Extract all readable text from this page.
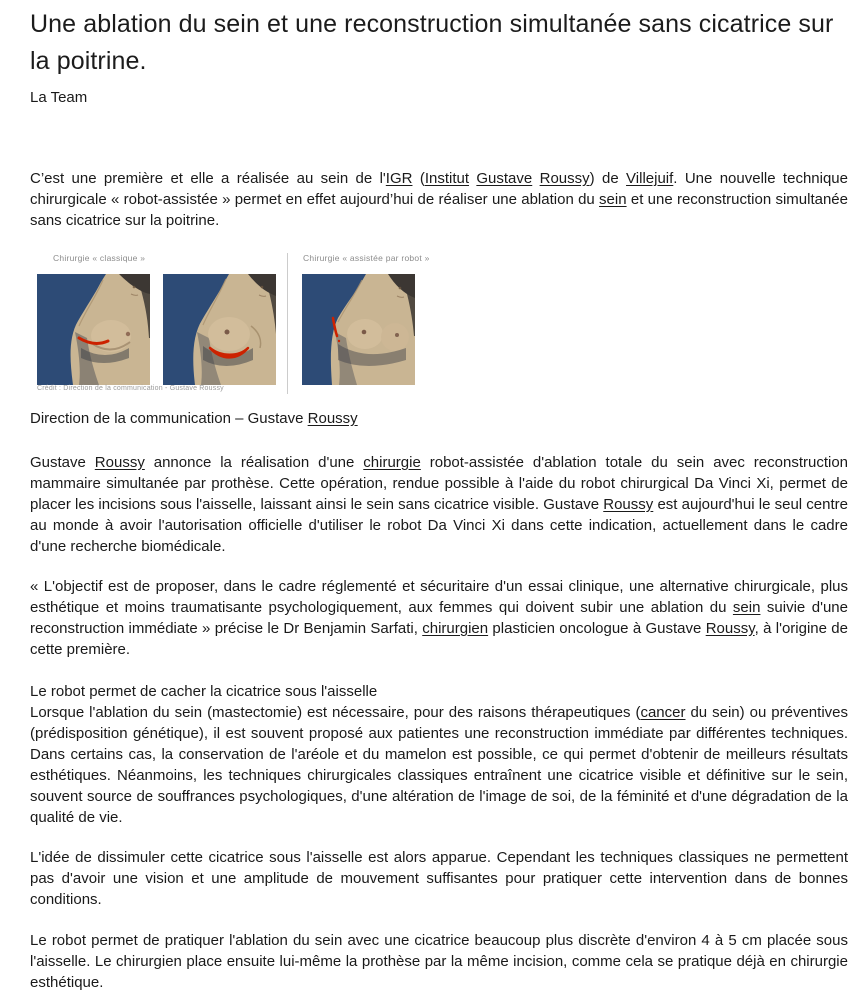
Une ablation du sein et une reconstruction simultanée sans cicatrice sur la poitrine.
La Team

C’est une première et elle a réalisée au sein de l'IGR (Institut Gustave Roussy) de Villejuif. Une nouvelle technique chirurgicale « robot-assistée » permet en effet aujourd’hui de réaliser une ablation du sein et une reconstruction simultanée sans cicatrice sur la poitrine.

Chirurgie « classique »	Chirurgie « assistée par robot »
Crédit : Direction de la communication - Gustave Roussy

Direction de la communication – Gustave Roussy

Gustave Roussy annonce la réalisation d'une chirurgie robot-assistée d'ablation totale du sein avec reconstruction mammaire simultanée par prothèse. Cette opération, rendue possible à l'aide du robot chirurgical Da Vinci Xi, permet de placer les incisions sous l'aisselle, laissant ainsi le sein sans cicatrice visible. Gustave Roussy est aujourd'hui le seul centre au monde à avoir l'autorisation officielle d'utiliser le robot Da Vinci Xi dans cette indication, actuellement dans le cadre d'une recherche biomédicale.

« L'objectif est de proposer, dans le cadre réglementé et sécuritaire d'un essai clinique, une alternative chirurgicale, plus esthétique et moins traumatisante psychologiquement, aux femmes qui doivent subir une ablation du sein suivie d'une reconstruction immédiate » précise le Dr Benjamin Sarfati, chirurgien plasticien oncologue à Gustave Roussy, à l'origine de cette première.

Le robot permet de cacher la cicatrice sous l'aisselle

Lorsque l'ablation du sein (mastectomie) est nécessaire, pour des raisons thérapeutiques (cancer du sein) ou préventives (prédisposition génétique), il est souvent proposé aux patientes une reconstruction immédiate par différentes techniques. Dans certains cas, la conservation de l'aréole et du mamelon est possible, ce qui permet d'obtenir de meilleurs résultats esthétiques. Néanmoins, les techniques chirurgicales classiques entraînent une cicatrice visible et définitive sur le sein, souvent source de souffrances psychologiques, d'une altération de l'image de soi, de la féminité et d'une dégradation de la qualité de vie.

L'idée de dissimuler cette cicatrice sous l'aisselle est alors apparue. Cependant les techniques classiques ne permettent pas d'avoir une vision et une amplitude de mouvement suffisantes pour pratiquer cette intervention dans de bonnes conditions.

Le robot permet de pratiquer l'ablation du sein avec une cicatrice beaucoup plus discrète d'environ 4 à 5 cm placée sous l'aisselle. Le chirurgien place ensuite lui-même la prothèse par la même incision, comme cela se pratique déjà en chirurgie esthétique.
